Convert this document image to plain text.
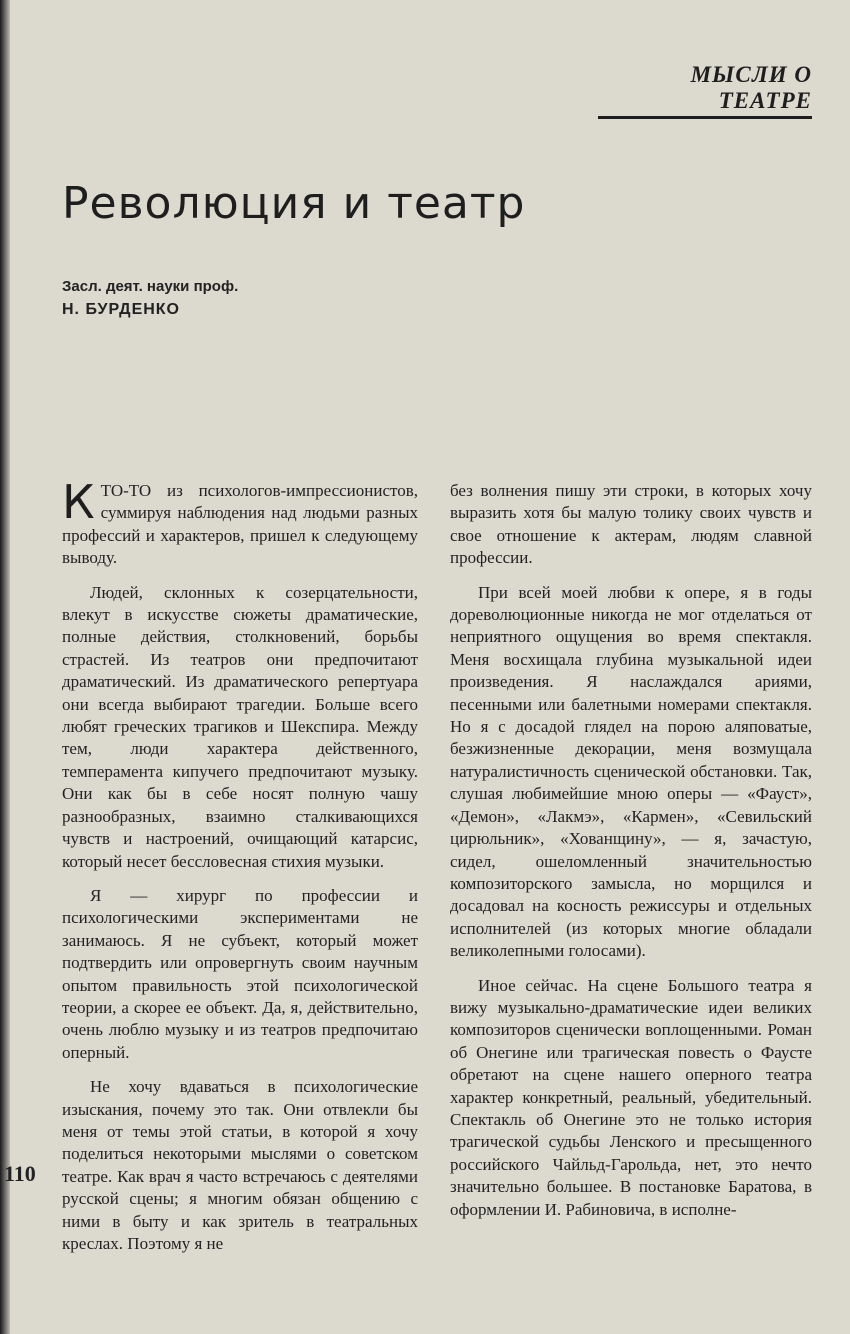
МЫСЛИ О ТЕАТРЕ
Революция и театр
Засл. деят. науки проф.
Н. БУРДЕНКО

КТО-ТО из психологов-импрессионистов, суммируя наблюдения над людьми разных профессий и характеров, пришел к следующему выводу.

Людей, склонных к созерцательности, влекут в искусстве сюжеты драматические, полные действия, столкновений, борьбы страстей. Из театров они предпочитают драматический. Из драматического репертуара они всегда выбирают трагедии. Больше всего любят греческих трагиков и Шекспира. Между тем, люди характера действенного, темперамента кипучего предпочитают музыку. Они как бы в себе носят полную чашу разнообразных, взаимно сталкивающихся чувств и настроений, очищающий катарсис, который несет бессловесная стихия музыки.

Я — хирург по профессии и психологическими экспериментами не занимаюсь. Я не субъект, который может подтвердить или опровергнуть своим научным опытом правильность этой психологической теории, а скорее ее объект. Да, я, действительно, очень люблю музыку и из театров предпочитаю оперный.

Не хочу вдаваться в психологические изыскания, почему это так. Они отвлекли бы меня от темы этой статьи, в которой я хочу поделиться некоторыми мыслями о советском театре. Как врач я часто встречаюсь с деятелями русской сцены; я многим обязан общению с ними в быту и как зритель в театральных креслах. Поэтому я не

без волнения пишу эти строки, в которых хочу выразить хотя бы малую толику своих чувств и свое отношение к актерам, людям славной профессии.

При всей моей любви к опере, я в годы дореволюционные никогда не мог отделаться от неприятного ощущения во время спектакля. Меня восхищала глубина музыкальной идеи произведения. Я наслаждался ариями, песенными или балетными номерами спектакля. Но я с досадой глядел на порою аляповатые, безжизненные декорации, меня возмущала натуралистичность сценической обстановки. Так, слушая любимейшие мною оперы — «Фауст», «Демон», «Лакмэ», «Кармен», «Севильский цирюльник», «Хованщину», — я, зачастую, сидел, ошеломленный значительностью композиторского замысла, но морщился и досадовал на косность режиссуры и отдельных исполнителей (из которых многие обладали великолепными голосами).

Иное сейчас. На сцене Большого театра я вижу музыкально-драматические идеи великих композиторов сценически воплощенными. Роман об Онегине или трагическая повесть о Фаусте обретают на сцене нашего оперного театра характер конкретный, реальный, убедительный. Спектакль об Онегине это не только история трагической судьбы Ленского и пресыщенного российского Чайльд-Гарольда, нет, это нечто значительно большее. В постановке Баратова, в оформлении И. Рабиновича, в исполне-

110
